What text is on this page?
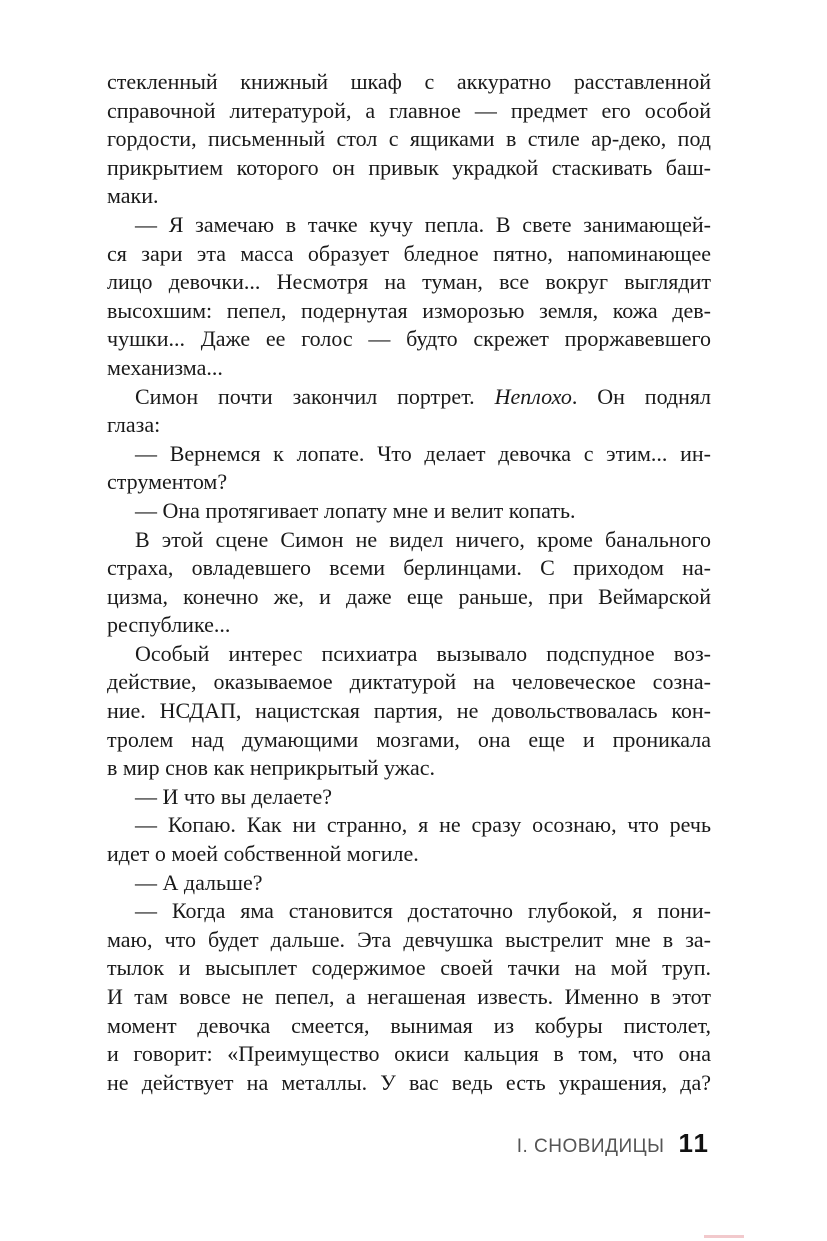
стекленный книжный шкаф с аккуратно расставленной
справочной литературой, а главное — предмет его особой
гордости, письменный стол с ящиками в стиле ар-деко, под
прикрытием которого он привык украдкой стаскивать баш-
маки.
— Я замечаю в тачке кучу пепла. В свете занимающей-
ся зари эта масса образует бледное пятно, напоминающее
лицо девочки... Несмотря на туман, все вокруг выглядит
высохшим: пепел, подернутая изморозью земля, кожа дев-
чушки... Даже ее голос — будто скрежет проржавевшего
механизма...
Симон почти закончил портрет. Неплохо. Он поднял
глаза:
— Вернемся к лопате. Что делает девочка с этим... ин-
струментом?
— Она протягивает лопату мне и велит копать.
В этой сцене Симон не видел ничего, кроме банального
страха, овладевшего всеми берлинцами. С приходом на-
цизма, конечно же, и даже еще раньше, при Веймарской
республике...
Особый интерес психиатра вызывало подспудное воз-
действие, оказываемое диктатурой на человеческое созна-
ние. НСДАП, нацистская партия, не довольствовалась кон-
тролем над думающими мозгами, она еще и проникала
в мир снов как неприкрытый ужас.
— И что вы делаете?
— Копаю. Как ни странно, я не сразу осознаю, что речь
идет о моей собственной могиле.
— А дальше?
— Когда яма становится достаточно глубокой, я пони-
маю, что будет дальше. Эта девчушка выстрелит мне в за-
тылок и высыплет содержимое своей тачки на мой труп.
И там вовсе не пепел, а негашеная известь. Именно в этот
момент девочка смеется, вынимая из кобуры пистолет,
и говорит: «Преимущество окиси кальция в том, что она
не действует на металлы. У вас ведь есть украшения, да?
I. СНОВИДИЦЫ 11
